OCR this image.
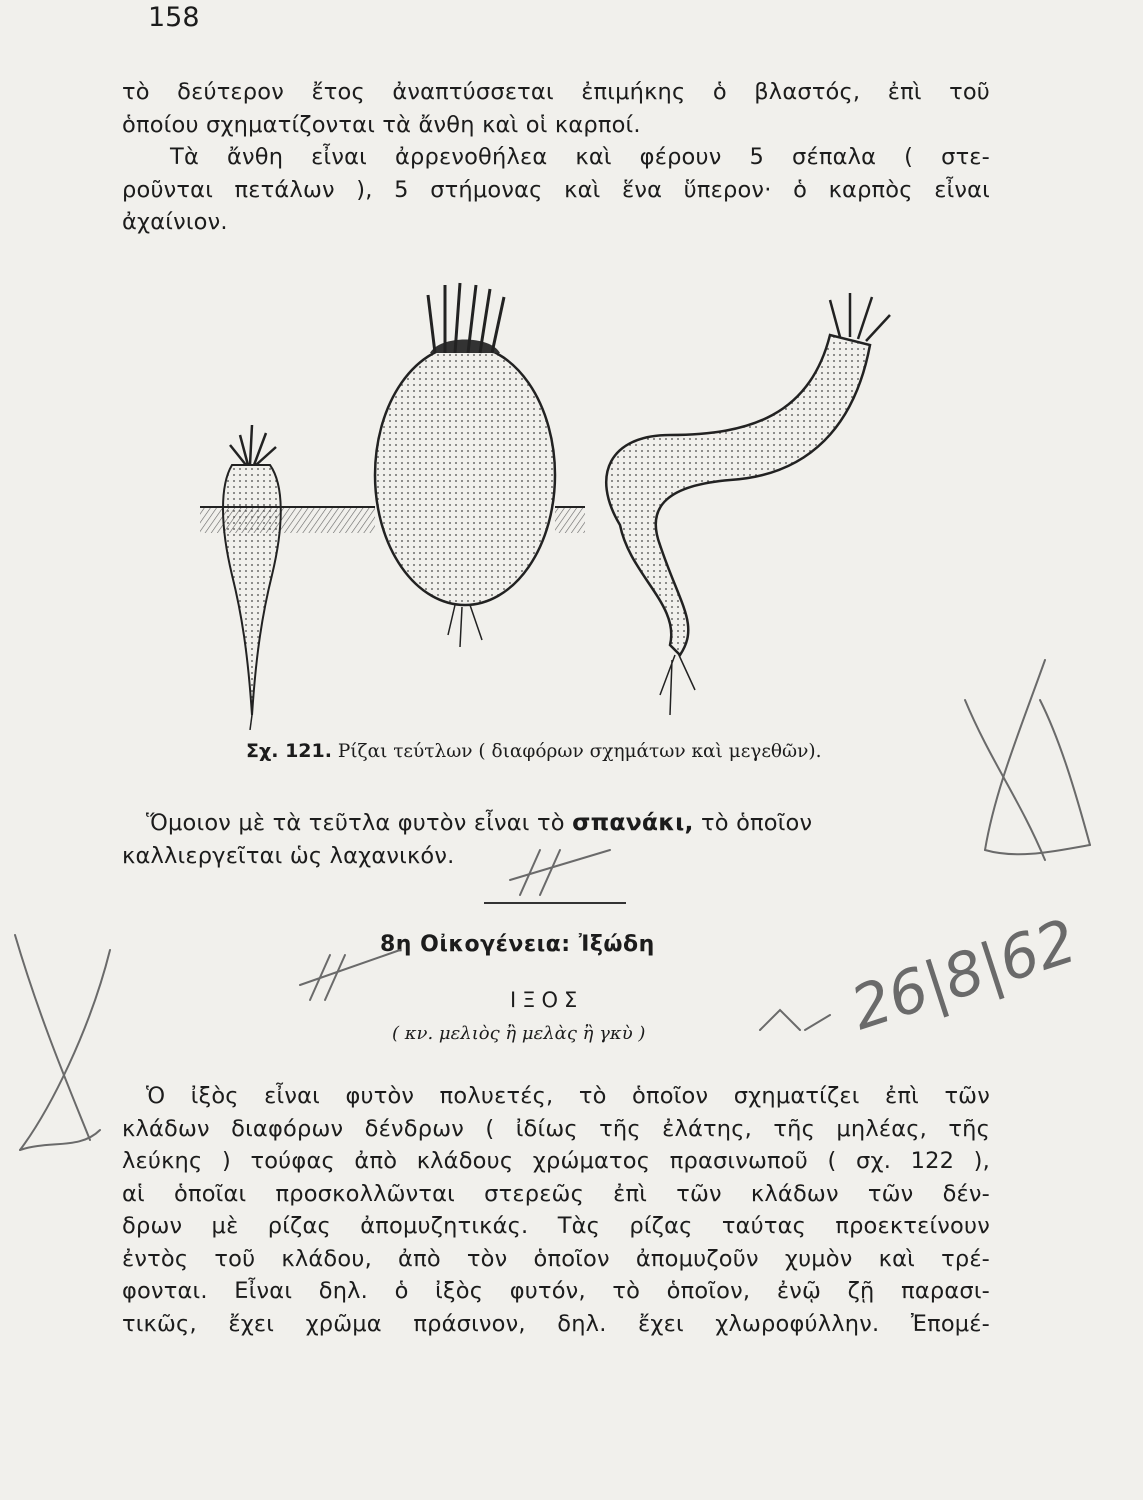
158
τὸ δεύτερον ἔτος ἀναπτύσσεται ἐπιμήκης ὁ βλαστός, ἐπὶ τοῦ
ὁποίου σχηματίζονται τὰ ἄνθη καὶ οἱ καρποί.
Τὰ ἄνθη εἶναι ἀρρενοθήλεα καὶ φέρουν 5 σέπαλα ( στε-
ροῦνται πετάλων ), 5 στήμονας καὶ ἕνα ὕπερον· ὁ καρπὸς εἶναι
ἀχαίνιον.
Σχ. 121. Ρίζαι τεύτλων ( διαφόρων σχημάτων καὶ μεγεθῶν).
Ὅμοιον μὲ τὰ τεῦτλα φυτὸν εἶναι τὸ σπανάκι, τὸ ὁποῖον
καλλιεργεῖται ὡς λαχανικόν.
8η Οἰκογένεια: Ἰξώδη
ΙΞΟΣ
( κν. μελιὸς ἢ μελὰς ἢ γκὺ )
Ὁ ἰξὸς εἶναι φυτὸν πολυετές, τὸ ὁποῖον σχηματίζει ἐπὶ τῶν
κλάδων διαφόρων δένδρων ( ἰδίως τῆς ἐλάτης, τῆς μηλέας, τῆς
λεύκης ) τούφας ἀπὸ κλάδους χρώματος πρασινωποῦ ( σχ. 122 ),
αἱ ὁποῖαι προσκολλῶνται στερεῶς ἐπὶ τῶν κλάδων τῶν δέν-
δρων μὲ ρίζας ἀπομυζητικάς. Τὰς ρίζας ταύτας προεκτείνουν
ἐντὸς τοῦ κλάδου, ἀπὸ τὸν ὁποῖον ἀπομυζοῦν χυμὸν καὶ τρέ-
φονται. Εἶναι δηλ. ὁ ἰξὸς φυτόν, τὸ ὁποῖον, ἐνῷ ζῇ παρασι-
τικῶς, ἔχει χρῶμα πράσινον, δηλ. ἔχει χλωροφύλλην. Ἐπομέ-
26|8|62
